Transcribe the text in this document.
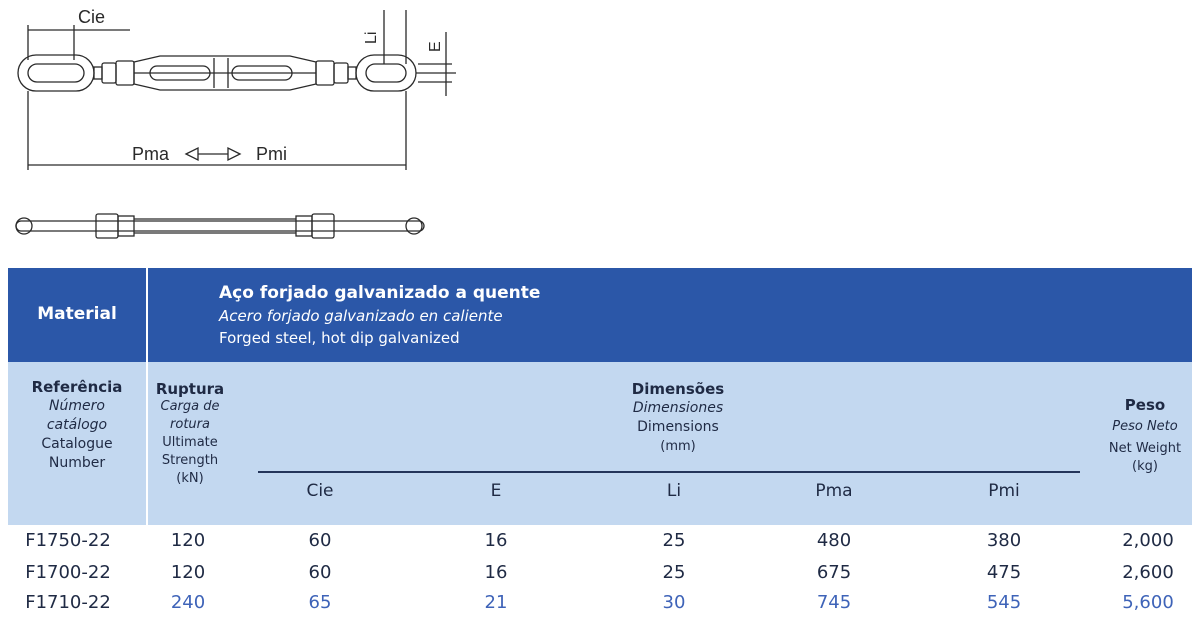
Cie
Li
E
Pma	Pmi
Material
Aço forjado galvanizado a quente
Acero forjado galvanizado en caliente
Forged steel, hot dip galvanized
Referência
Número
catálogo
Catalogue
Number
Ruptura
Carga de
rotura
Ultimate
Strength
(kN)
Dimensões
Dimensiones
Dimensions
(mm)
Peso
Peso Neto
Net Weight
(kg)
Cie	E	Li	Pma	Pmi
F1750-22	120	60	16	25	480	380	2,000
F1700-22	120	60	16	25	675	475	2,600
F1710-22	240	65	21	30	745	545	5,600
